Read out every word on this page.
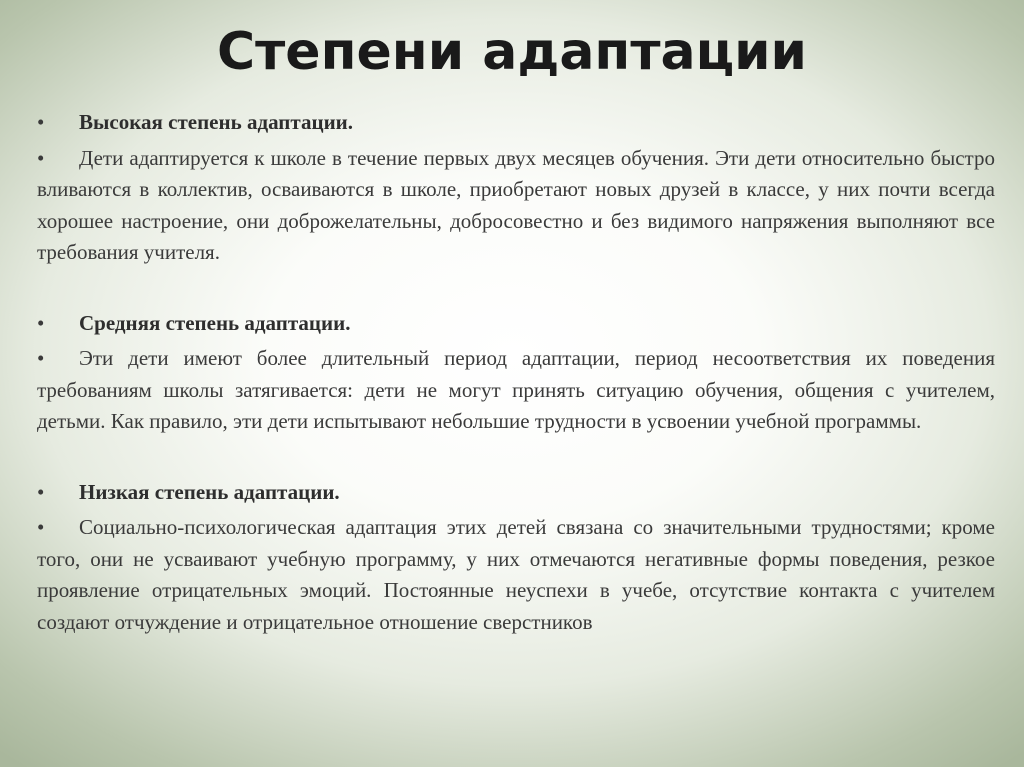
Степени адаптации

• Высокая степень адаптации.

• Дети адаптируется к школе в течение первых двух месяцев обучения. Эти дети относительно быстро вливаются в коллектив, осваиваются в школе, приобретают новых друзей в классе, у них почти всегда хорошее настроение, они доброжелательны, добросовестно и без видимого напряжения выполняют все требования учителя.

• Средняя степень адаптации.

• Эти дети имеют более длительный период адаптации, период несоответствия их поведения требованиям школы затягивается: дети не могут принять ситуацию обучения, общения с учителем, детьми. Как правило, эти дети испытывают небольшие трудности в усвоении учебной программы.

• Низкая степень адаптации.

• Социально-психологическая адаптация этих детей связана со значительными трудностями; кроме того, они не усваивают учебную программу, у них отмечаются негативные формы поведения, резкое проявление отрицательных эмоций. Постоянные неуспехи в учебе, отсутствие контакта с учителем создают отчуждение и отрицательное отношение сверстников
